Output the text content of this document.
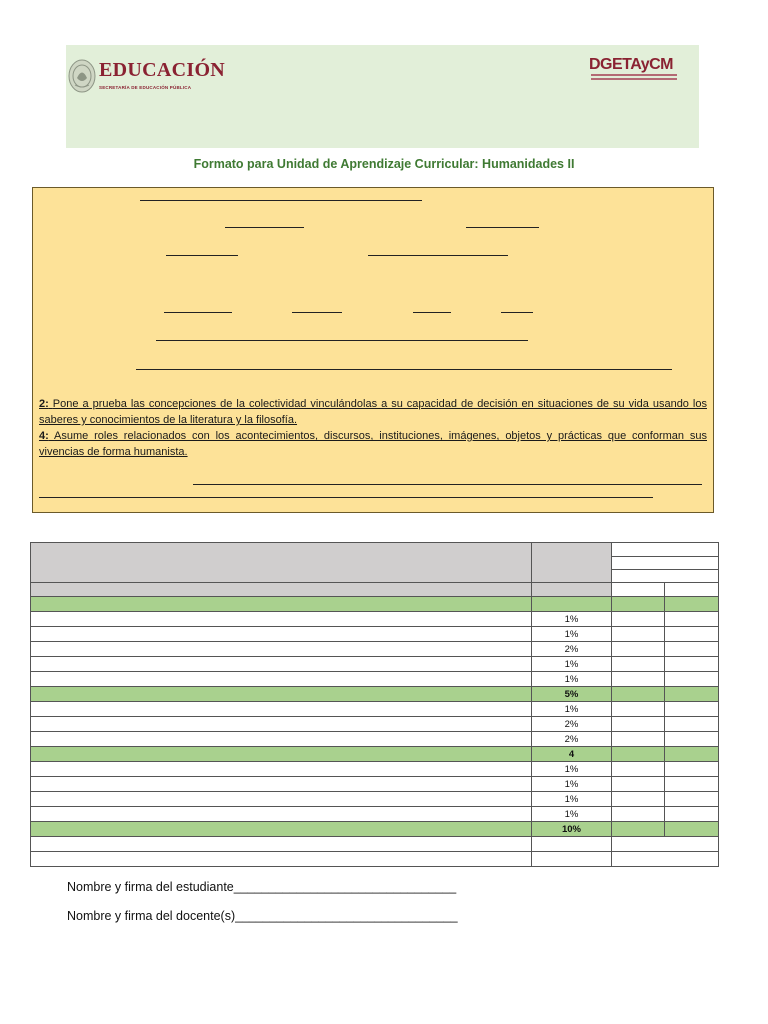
EDUCACIÓN
SECRETARÍA DE EDUCACIÓN PÚBLICA
DGETAyCM
Formato para Unidad de Aprendizaje Curricular: Humanidades II
2: Pone a prueba las concepciones de la colectividad vinculándolas a su capacidad de decisión en situaciones de su vida usando los saberes y conocimientos de la literatura y la filosofía.
4: Asume roles relacionados con los acontecimientos, discursos, instituciones, imágenes, objetos y prácticas que conforman sus vivencias de forma humanista.

	1%		
	1%		
	2%		
	1%		
	1%		
	5%		
	1%		
	2%		
	2%		
	4		
	1%		
	1%		
	1%		
	1%		
	10%		

Nombre y firma del estudiante________________________________
Nombre y firma del docente(s)________________________________
